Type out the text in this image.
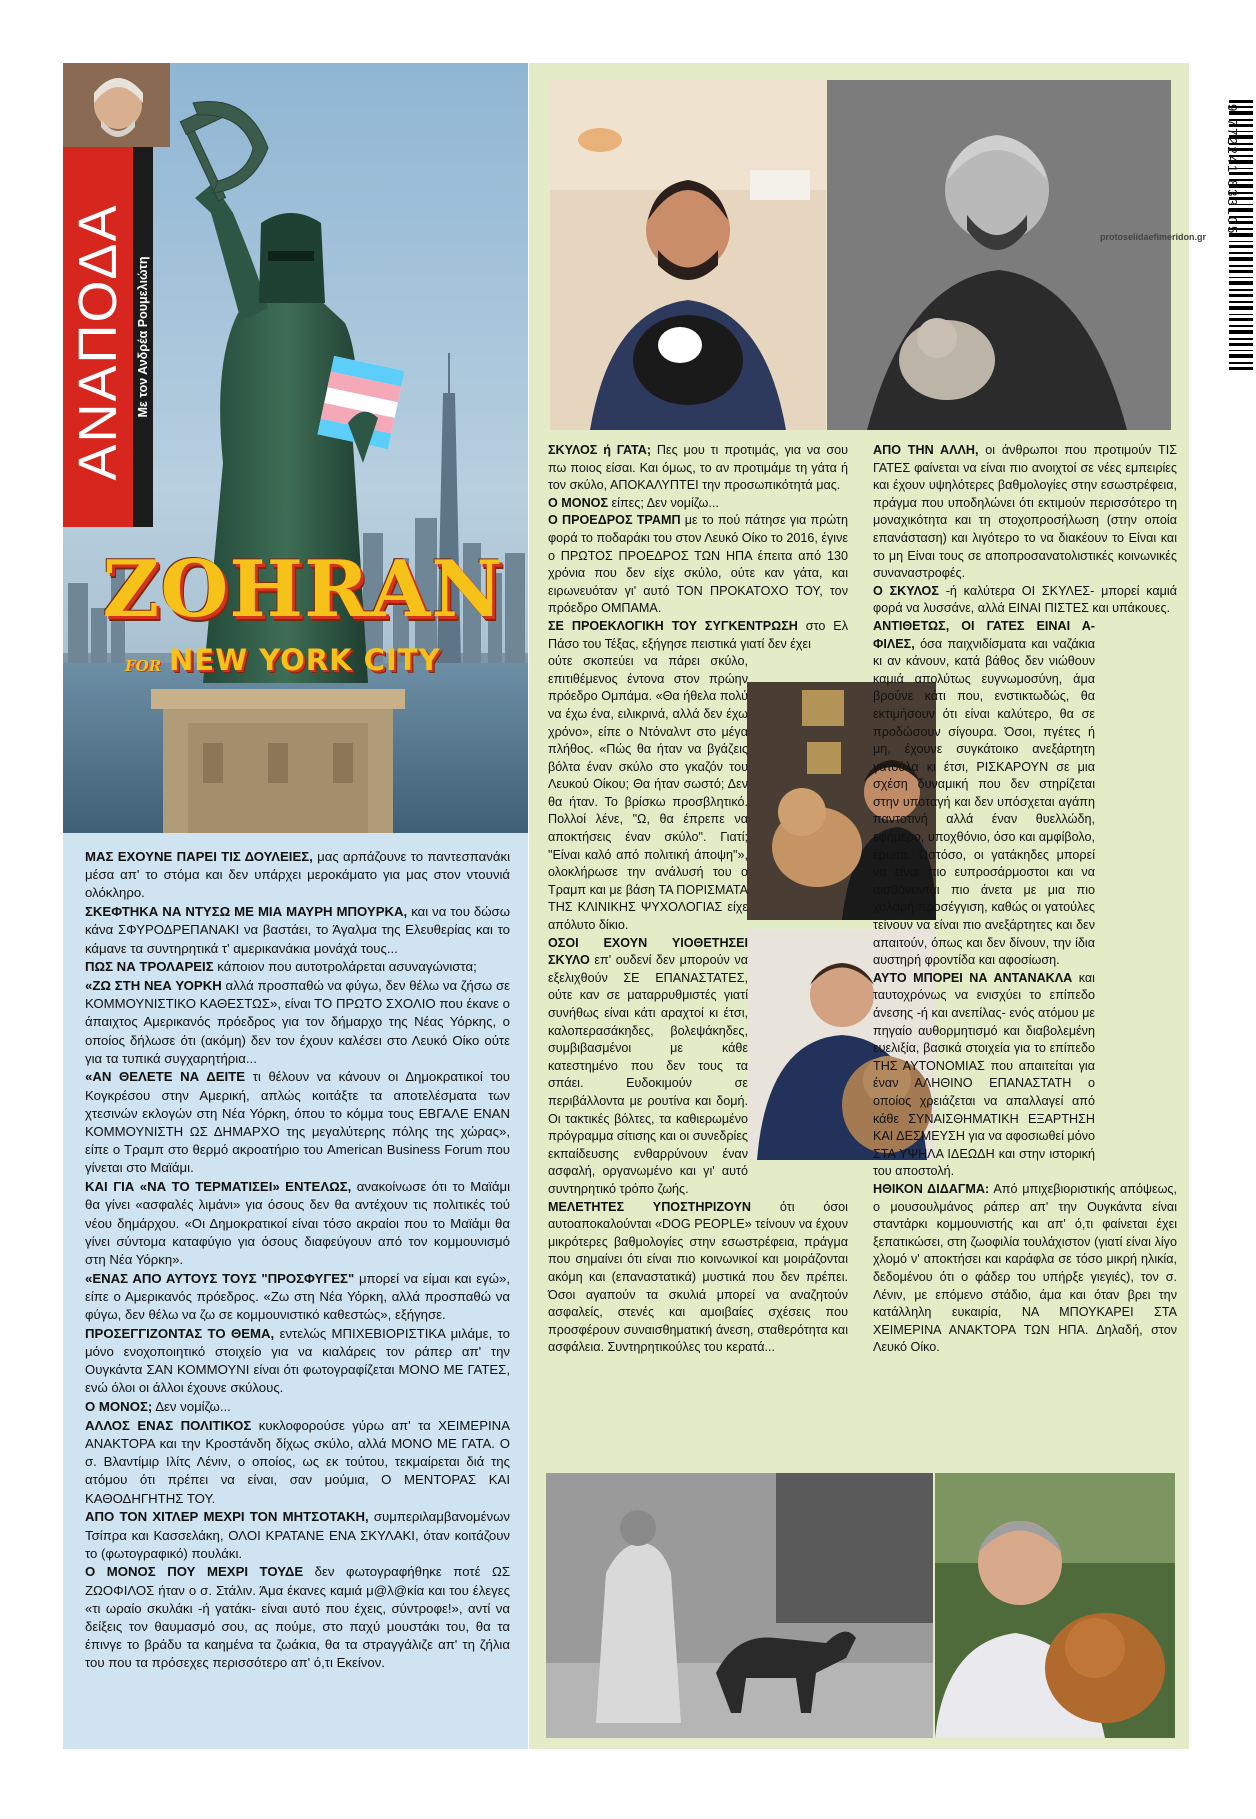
ΑΝΑΠΟΔΑ Με τον Ανδρέα Ρουμελιώτη
ZOHRAN
FOR NEW YORK CITY

ΜΑΣ ΕΧΟΥΝΕ ΠΑΡΕΙ ΤΙΣ ΔΟΥΛΕΙΕΣ, μας αρπάζουνε το παντεσπανάκι μέσα απ' το στόμα και δεν υπάρχει μεροκάματο για μας στον ντουνιά ολόκληρο.

ΣΚΕΦΤΗΚΑ ΝΑ ΝΤΥΣΩ ΜΕ ΜΙΑ ΜΑΥΡΗ ΜΠΟΥΡΚΑ, και να του δώσω κάνα ΣΦΥΡΟΔΡΕΠΑΝΑΚΙ να βαστάει, το Άγαλμα της Ελευθερίας και το κάμανε τα συντηρητικά τ' αμερικανάκια μονάχά τους...

ΠΩΣ ΝΑ ΤΡΟΛΑΡΕΙΣ κάποιον που αυτοτρολάρεται ασυναγώνιστα;

«ΖΩ ΣΤΗ ΝΕΑ ΥΟΡΚΗ αλλά προσπαθώ να φύγω, δεν θέλω να ζήσω σε ΚΟΜΜΟΥΝΙΣΤΙΚΟ ΚΑΘΕΣΤΩΣ», είναι ΤΟ ΠΡΩΤΟ ΣΧΟΛΙΟ που έκανε ο άπαιχτος Αμερικανός πρόεδρος για τον δήμαρχο της Νέας Υόρκης, ο οποίος δήλωσε ότι (ακόμη) δεν τον έχουν καλέσει στο Λευκό Οίκο ούτε για τα τυπικά συγχαρητήρια...

«ΑΝ ΘΕΛΕΤΕ ΝΑ ΔΕΙΤΕ τι θέλουν να κάνουν οι Δημοκρατικοί του Κογκρέσου στην Αμερική, απλώς κοιτάξτε τα αποτελέσματα των χτεσινών εκλογών στη Νέα Υόρκη, όπου το κόμμα τους ΕΒΓΑΛΕ ΕΝΑΝ ΚΟΜΜΟΥΝΙΣΤΗ ΩΣ ΔΗΜΑΡΧΟ της μεγαλύτερης πόλης της χώρας», είπε ο Τραμπ στο θερμό ακροατήριο του American Business Forum που γίνεται στο Μαϊάμι.

ΚΑΙ ΓΙΑ «ΝΑ ΤΟ ΤΕΡΜΑΤΙΣΕΙ» ΕΝΤΕΛΩΣ, ανακοίνωσε ότι το Μαϊάμι θα γίνει «ασφαλές λιμάνι» για όσους δεν θα αντέχουν τις πολιτικές τού νέου δημάρχου. «Οι Δημοκρατικοί είναι τόσο ακραίοι που το Μαϊάμι θα γίνει σύντομα καταφύγιο για όσους διαφεύγουν από τον κομμουνισμό στη Νέα Υόρκη».

«ΕΝΑΣ ΑΠΟ ΑΥΤΟΥΣ ΤΟΥΣ "ΠΡΟΣΦΥΓΕΣ" μπορεί να είμαι και εγώ», είπε ο Αμερικανός πρόεδρος. «Ζω στη Νέα Υόρκη, αλλά προσπαθώ να φύγω, δεν θέλω να ζω σε κομμουνιστικό καθεστώς», εξήγησε.

ΠΡΟΣΕΓΓΙΖΟΝΤΑΣ ΤΟ ΘΕΜΑ, εντελώς ΜΠΙΧΕΒΙΟΡΙΣΤΙΚΑ μιλάμε, το μόνο ενοχοποιητικό στοιχείο για να κιαλάρεις τον ράπερ απ' την Ουγκάντα ΣΑΝ ΚΟΜΜΟΥΝΙ είναι ότι φωτογραφίζεται ΜΟΝΟ ΜΕ ΓΑΤΕΣ, ενώ όλοι οι άλλοι έχουνε σκύλους.

Ο ΜΟΝΟΣ; Δεν νομίζω...

ΑΛΛΟΣ ΕΝΑΣ ΠΟΛΙΤΙΚΟΣ κυκλοφορούσε γύρω απ' τα ΧΕΙΜΕΡΙΝΑ ΑΝΑΚΤΟΡΑ και την Κροστάνδη δίχως σκύλο, αλλά ΜΟΝΟ ΜΕ ΓΑΤΑ. Ο σ. Βλαντίμιρ Ιλίτς Λένιν, ο οποίος, ως εκ τούτου, τεκμαίρεται διά της ατόμου ότι πρέπει να είναι, σαν μούμια, Ο ΜΕΝΤΟΡΑΣ ΚΑΙ ΚΑΘΟΔΗΓΗΤΗΣ ΤΟΥ.

ΑΠΟ ΤΟΝ ΧΙΤΛΕΡ ΜΕΧΡΙ ΤΟΝ ΜΗΤΣΟΤΑΚΗ, συμπεριλαμβανομένων Τσίπρα και Κασσελάκη, ΟΛΟΙ ΚΡΑΤΑΝΕ ΕΝΑ ΣΚΥΛΑΚΙ, όταν κοιτάζουν το (φωτογραφικό) πουλάκι.

Ο ΜΟΝΟΣ ΠΟΥ ΜΕΧΡΙ ΤΟΥΔΕ δεν φωτογραφήθηκε ποτέ ΩΣ ΖΩΟΦΙΛΟΣ ήταν ο σ. Στάλιν. Άμα έκανες καμιά μ@λ@κία και του έλεγες «τι ωραίο σκυλάκι -ή γατάκι- είναι αυτό που έχεις, σύντροφε!», αντί να δείξεις τον θαυμασμό σου, ας πούμε, στο παχύ μουστάκι του, θα τα έπινγε το βράδυ τα καημένα τα ζωάκια, θα τα στραγγάλιζε απ' τη ζήλια του που τα πρόσεχες περισσότερο απ' ό,τι Εκείνον.

ΣΚΥΛΟΣ ή ΓΑΤΑ; Πες μου τι προτιμάς, για να σου πω ποιος είσαι. Και όμως, το αν προτιμάμε τη γάτα ή τον σκύλο, ΑΠΟΚΑΛΥΠΤΕΙ την προσωπικότητά μας.

Ο ΜΟΝΟΣ είπες; Δεν νομίζω...

Ο ΠΡΟΕΔΡΟΣ ΤΡΑΜΠ με το πού πάτησε για πρώτη φορά το ποδαράκι του στον Λευκό Οίκο το 2016, έγινε ο ΠΡΩΤΟΣ ΠΡΟΕΔΡΟΣ ΤΩΝ ΗΠΑ έπειτα από 130 χρόνια που δεν είχε σκύλο, ούτε καν γάτα, και ειρωνευόταν γι' αυτό ΤΟΝ ΠΡΟΚΑΤΟΧΟ ΤΟΥ, τον πρόεδρο ΟΜΠΑΜΑ.

ΣΕ ΠΡΟΕΚΛΟΓΙΚΗ ΤΟΥ ΣΥΓΚΕΝΤΡΩΣΗ στο Ελ Πάσο του Τέξας, εξήγησε πειστικά γιατί δεν έχει

ούτε σκοπεύει να πάρει σκύλο, επιτιθέμενος έντονα στον πρώην πρόεδρο Ομπάμα. «Θα ήθελα πολύ να έχω ένα, ειλικρινά, αλλά δεν έχω χρόνο», είπε ο Ντόναλντ στο μέγα πλήθος. «Πώς θα ήταν να βγάζεις βόλτα έναν σκύλο στο γκαζόν του Λευκού Οίκου; Θα ήταν σωστό; Δεν θα ήταν. Το βρίσκω προσβλητικό. Πολλοί λένε, "Ω, θα έπρεπε να αποκτήσεις έναν σκύλο". Γιατί; "Είναι καλό από πολιτική άποψη"», ολοκλήρωσε την ανάλυσή του ο Τραμπ και με βάση ΤΑ ΠΟΡΙΣΜΑΤΑ ΤΗΣ ΚΛΙΝΙΚΗΣ ΨΥΧΟΛΟΓΙΑΣ είχε απόλυτο δίκιο.

ΟΣΟΙ ΕΧΟΥΝ ΥΙΟΘΕΤΗΣΕΙ ΣΚΥΛΟ επ' ουδενί δεν μπορούν να εξελιχθούν ΣΕ ΕΠΑΝΑΣΤΑΤΕΣ, ούτε καν σε ματαρρυθμιστές γιατί συνήθως είναι κάτι αραχτοί κι έτσι, καλοπερασάκηδες, βολεψάκηδες, συμβιβασμένοι με κάθε κατεστημένο που δεν τους τα σπάει. Ευδοκιμούν σε περιβάλλοντα με ρουτίνα και δομή. Οι τακτικές βόλτες, τα καθιερωμένο πρόγραμμα σίτισης και οι συνεδρίες εκπαίδευσης ενθαρρύνουν έναν ασφαλή, οργανωμένο και γι' αυτό συντηρητικό τρόπο ζωής.

ΜΕΛΕΤΗΤΕΣ ΥΠΟΣΤΗΡΙΖΟΥΝ ότι όσοι αυτοαποκαλούνται «DOG PEOPLE» τείνουν να έχουν μικρότερες βαθμολογίες στην εσωστρέφεια, πράγμα που σημαίνει ότι είναι πιο κοινωνικοί και μοιράζονται ακόμη και (επαναστατικά) μυστικά που δεν πρέπει. Όσοι αγαπούν τα σκυλιά μπορεί να αναζητούν ασφαλείς, στενές και αμοιβαίες σχέσεις που προσφέρουν συναισθηματική άνεση, σταθερότητα και ασφάλεια. Συντηρητικούλες του κερατά...

ΑΠΟ ΤΗΝ ΑΛΛΗ, οι άνθρωποι που προτιμούν ΤΙΣ ΓΑΤΕΣ φαίνεται να είναι πιο ανοιχτοί σε νέες εμπειρίες και έχουν υψηλότερες βαθμολογίες στην εσωστρέφεια, πράγμα που υποδηλώνει ότι εκτιμούν περισσότερο τη μοναχικότητα και τη στοχοπροσήλωση (στην οποία επανάσταση) και λιγότερο το να διακέουν το Είναι και το μη Είναι τους σε αποπροσανατολιστικές κοινωνικές συναναστροφές.

Ο ΣΚΥΛΟΣ -ή καλύτερα ΟΙ ΣΚΥΛΕΣ- μπορεί καμιά φορά να λυσσάνε, αλλά ΕΙΝΑΙ ΠΙΣΤΕΣ και υπάκουες.

ΑΝΤΙΘΕΤΩΣ, ΟΙ ΓΑΤΕΣ ΕΙΝΑΙ Α-ΦΙΛΕΣ, όσα παιχνιδίσματα και ναζάκια κι αν κάνουν, κατά βάθος δεν νιώθουν καμιά απολύτως ευγνωμοσύνη, άμα βρούνε κάτι που, ενστικτωδώς, θα εκτιμήσουν ότι είναι καλύτερο, θα σε προδώσουν σίγουρα. Όσοι, πγέτες ή μη, έχουνε συγκάτοικο ανεξάρτητη γατούλα κι έτσι, ΡΙΣΚΑΡΟΥΝ σε μια σχέση δυναμική που δεν στηρίζεται στην υποταγή και δεν υπόσχεται αγάπη παντοτινή αλλά έναν θυελλώδη, εφήμερο, υποχθόνιο, όσο και αμφίβολο, έρωτα. Ωστόσο, οι γατάκηδες μπορεί να είναι πιο ευπροσάρμοστοι και να αισθάνονται πιο άνετα με μια πιο χαλαρή προσέγγιση, καθώς οι γατούλες τείνουν να είναι πιο ανεξάρτητες και δεν απαιτούν, όπως και δεν δίνουν, την ίδια αυστηρή φροντίδα και αφοσίωση.

ΑΥΤΟ ΜΠΟΡΕΙ ΝΑ ΑΝΤΑΝΑΚΛΑ και ταυτοχρόνως να ενισχύει το επίπεδο άνεσης -ή και ανεπίλας- ενός ατόμου με πηγαίο αυθορμητισμό και διαβολεμένη ευελιξία, βασικά στοιχεία για το επίπεδο ΤΗΣ ΑΥΤΟΝΟΜΙΑΣ που απαιτείται για έναν ΑΛΗΘΙΝΟ ΕΠΑΝΑΣΤΑΤΗ ο οποίος χρειάζεται να απαλλαγεί από κάθε ΣΥΝΑΙΣΘΗΜΑΤΙΚΗ ΕΞΑΡΤΗΣΗ ΚΑΙ ΔΕΣΜΕΥΣΗ για να αφοσιωθεί μόνο ΣΤΑ ΥΨΗΛΑ ΙΔΕΩΔΗ και στην ιστορική του αποστολή.

ΗΘΙΚΟΝ ΔΙΔΑΓΜΑ: Από μπιχεβιοριστικής απόψεως, ο μουσουλμάνος ράπερ απ' την Ουγκάντα είναι σταντάρκι κομμουνιστής και απ' ό,τι φαίνεται έχει ξεπατικώσει, στη ζωοφιλία τουλάχιστον (γιατί είναι λίγο χλομό ν' αποκτήσει και καράφλα σε τόσο μικρή ηλικία, δεδομένου ότι ο φάδερ του υπήρξε γιεγιές), τον σ. Λένιν, με επόμενο στάδιο, άμα και όταν βρει την κατάλληλη ευκαιρία, ΝΑ ΜΠΟΥΚΑΡΕΙ ΣΤΑ ΧΕΙΜΕΡΙΝΑ ΑΝΑΚΤΟΡΑ ΤΩΝ ΗΠΑ. Δηλαδή, στον Λευκό Οίκο.

9 772241 833105
protoselidaefimeridon.gr
